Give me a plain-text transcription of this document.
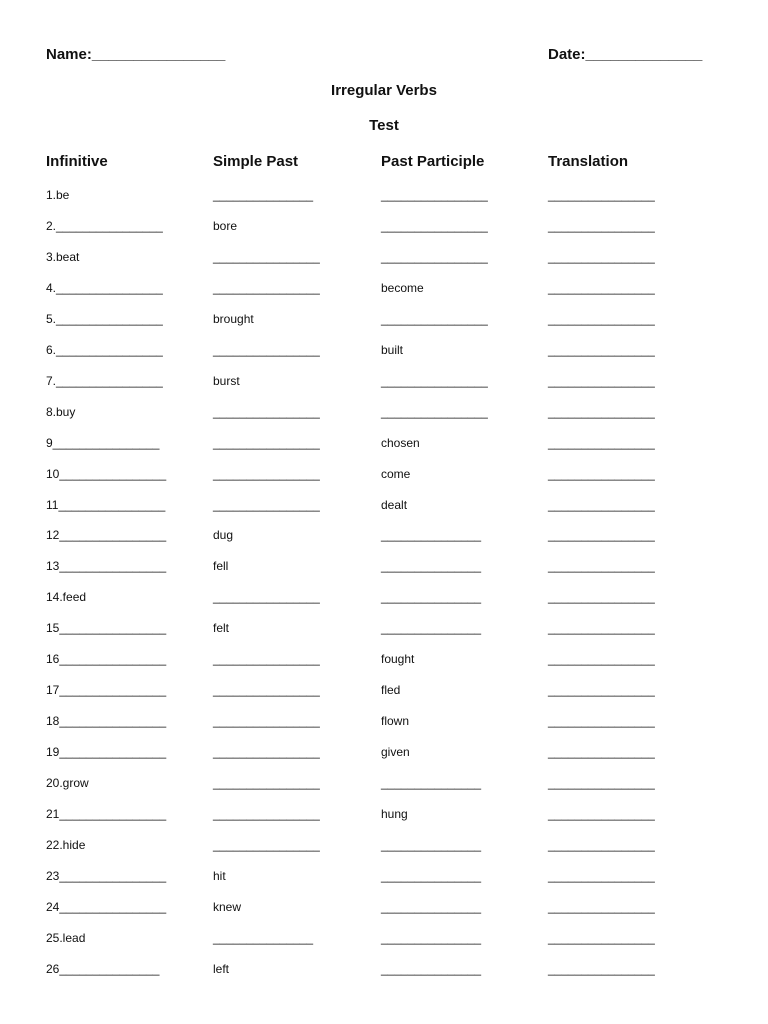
Name:________________	Date:______________
Irregular Verbs
Test
Infinitive	Simple Past	Past Participle	Translation
1.be	_______________	________________	________________
2.________________	bore	________________	________________
3.beat	________________	________________	________________
4.________________	________________	become	________________
5.________________	brought	________________	________________
6.________________	________________	built	________________
7.________________	burst	________________	________________
8.buy	________________	________________	________________
9________________	________________	chosen	________________
10________________	________________	come	________________
11________________	________________	dealt	________________
12________________	dug	_______________	________________
13________________	fell	_______________	________________
14.feed	________________	_______________	________________
15________________	felt	_______________	________________
16________________	________________	fought	________________
17________________	________________	fled	________________
18________________	________________	flown	________________
19________________	________________	given	________________
20.grow	________________	_______________	________________
21________________	________________	hung	________________
22.hide	________________	_______________	________________
23________________	hit	_______________	________________
24________________	knew	_______________	________________
25.lead	_______________	_______________	________________
26_______________	left	_______________	________________
